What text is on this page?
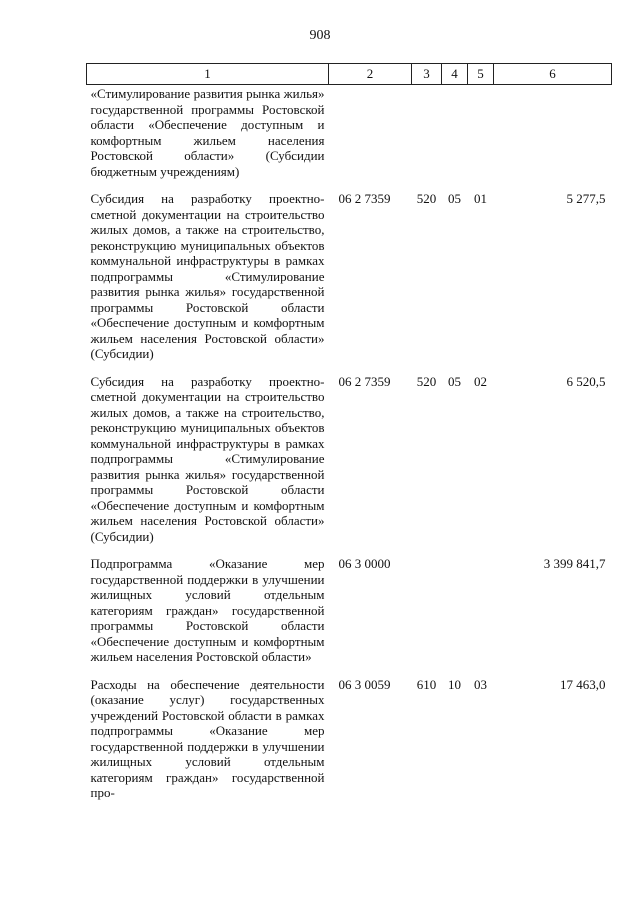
908
1	2	3	4	5	6
«Стимулирование развития рынка жилья» государственной программы Ростовской области «Обеспечение доступным и комфортным жильем населения Ростовской области» (Субсидии бюджетным учреждениям)					
Субсидия на разработку проектно-сметной документации на строительство жилых домов, а также на строительство, реконструкцию муниципальных объектов коммунальной инфраструктуры в рамках подпрограммы «Стимулирование развития рынка жилья» государственной программы Ростовской области «Обеспечение доступным и комфортным жильем населения Ростовской области» (Субсидии)	06 2 7359	520	05	01	5 277,5
Субсидия на разработку проектно-сметной документации на строительство жилых домов, а также на строительство, реконструкцию муниципальных объектов коммунальной инфраструктуры в рамках подпрограммы «Стимулирование развития рынка жилья» государственной программы Ростовской области «Обеспечение доступным и комфортным жильем населения Ростовской области» (Субсидии)	06 2 7359	520	05	02	6 520,5
Подпрограмма «Оказание мер государственной поддержки в улучшении жилищных условий отдельным категориям граждан» государственной программы Ростовской области «Обеспечение доступным и комфортным жильем населения Ростовской области»	06 3 0000				3 399 841,7
Расходы на обеспечение деятельности (оказание услуг) государственных учреждений Ростовской области в рамках подпрограммы «Оказание мер государственной поддержки в улучшении жилищных условий отдельным категориям граждан» государственной про-	06 3 0059	610	10	03	17 463,0
